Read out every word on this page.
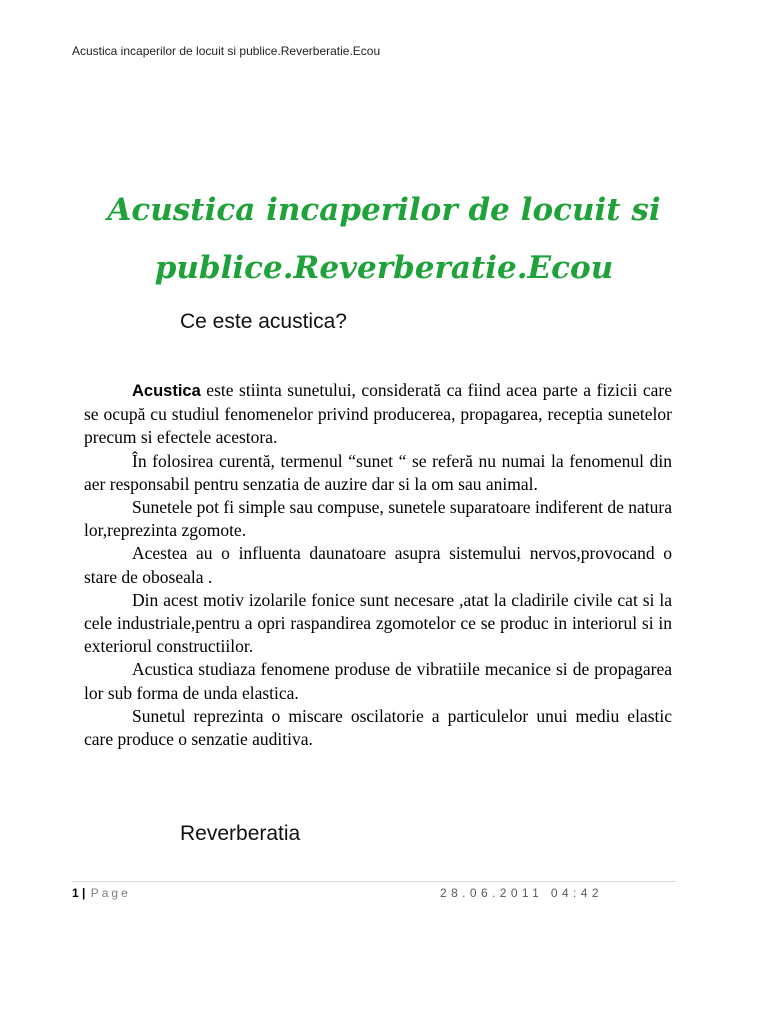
Acustica incaperilor de locuit si publice.Reverberatie.Ecou
Acustica incaperilor de locuit si
publice.Reverberatie.Ecou
Ce este acustica?

Acustica este stiinta sunetului, considerată ca fiind acea parte a fizicii care se ocupă cu studiul fenomenelor privind producerea, propagarea, receptia sunetelor precum si efectele acestora.

În folosirea curentă, termenul “sunet “ se referă nu numai la fenomenul din aer responsabil pentru senzatia de auzire dar si la om sau animal.

Sunetele pot fi simple sau compuse, sunetele suparatoare indiferent de natura lor,reprezinta zgomote.

Acestea au o influenta daunatoare asupra sistemului nervos,provocand o stare de oboseala .

Din acest motiv izolarile fonice sunt necesare ,atat la cladirile civile cat si la cele industriale,pentru a opri raspandirea zgomotelor ce se produc in interiorul si in exteriorul constructiilor.

Acustica studiaza fenomene produse de vibratiile mecanice si de propagarea lor sub forma de unda elastica.

Sunetul reprezinta o miscare oscilatorie a particulelor unui mediu elastic care produce o senzatie auditiva.

Reverberatia
1 | Page	28.06.2011 04:42
